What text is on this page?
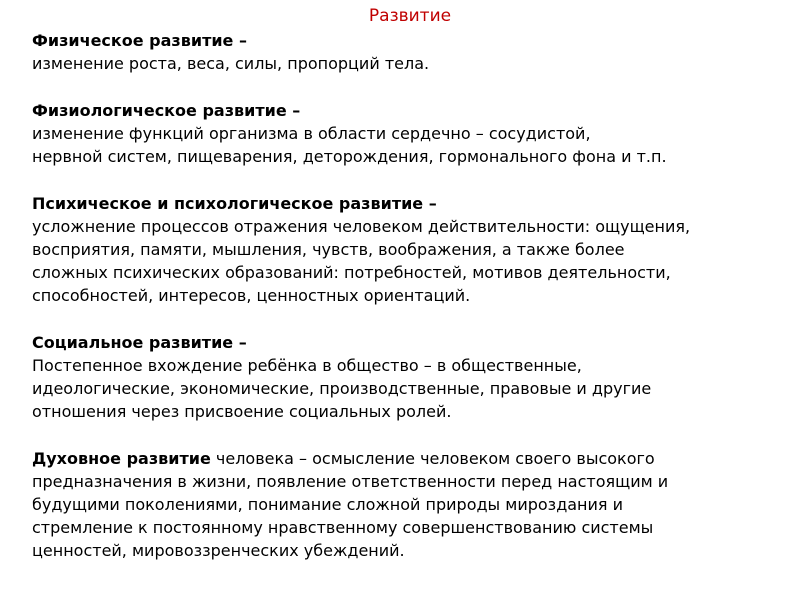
Развитие
Физическое развитие –
изменение роста, веса, силы, пропорций тела.
Физиологическое развитие –
изменение функций организма в области сердечно – сосудистой,
нервной систем, пищеварения, деторождения, гормонального фона и т.п.
Психическое и психологическое развитие –
усложнение процессов отражения человеком действительности: ощущения,
восприятия, памяти, мышления, чувств, воображения, а также более
сложных психических образований: потребностей, мотивов деятельности,
способностей, интересов, ценностных ориентаций.
Социальное развитие –
Постепенное вхождение ребёнка в общество – в общественные,
идеологические, экономические, производственные, правовые и другие
отношения через присвоение социальных ролей.
Духовное развитие человека – осмысление человеком своего высокого
предназначения в жизни, появление ответственности перед настоящим и
будущими поколениями, понимание сложной природы мироздания и
стремление к постоянному нравственному совершенствованию системы
ценностей, мировоззренческих убеждений.
